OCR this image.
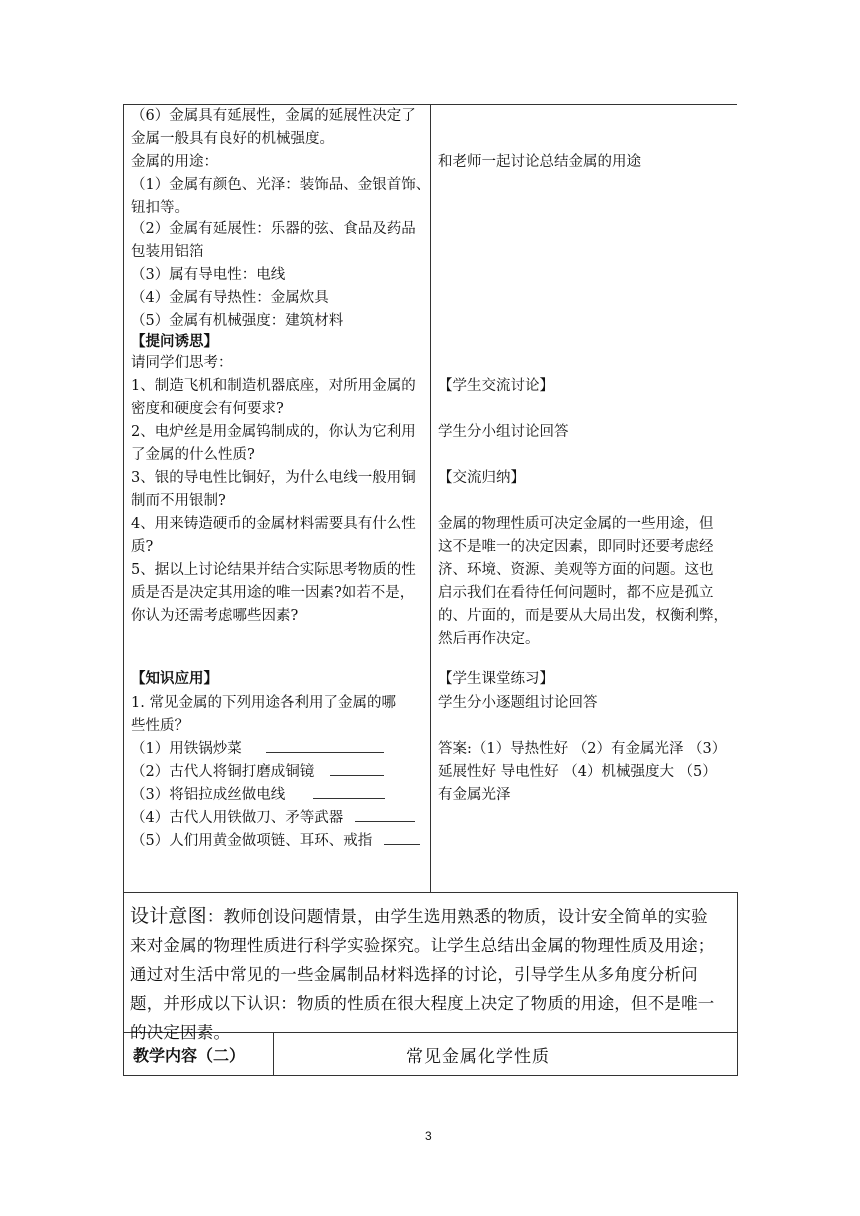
（6）金属具有延展性，金属的延展性决定了
金属一般具有良好的机械强度。
金属的用途：
（1）金属有颜色、光泽：装饰品、金银首饰、
钮扣等。
（2）金属有延展性：乐器的弦、食品及药品
包装用铝箔
（3）属有导电性：电线
（4）金属有导热性：金属炊具
（5）金属有机械强度：建筑材料
【提问诱思】
请同学们思考：
1、制造飞机和制造机器底座，对所用金属的
密度和硬度会有何要求?
2、电炉丝是用金属钨制成的，你认为它利用
了金属的什么性质?
3、银的导电性比铜好，为什么电线一般用铜
制而不用银制?
4、用来铸造硬币的金属材料需要具有什么性
质?
5、据以上讨论结果并结合实际思考物质的性
质是否是决定其用途的唯一因素?如若不是，
你认为还需考虑哪些因素?
【知识应用】
1. 常见金属的下列用途各利用了金属的哪
些性质？
（1）用铁锅炒菜
（2）古代人将铜打磨成铜镜
（3）将铝拉成丝做电线
（4）古代人用铁做刀、矛等武器
（5）人们用黄金做项链、耳环、戒指
和老师一起讨论总结金属的用途
【学生交流讨论】
学生分小组讨论回答
【交流归纳】
金属的物理性质可决定金属的一些用途，但
这不是唯一的决定因素，即同时还要考虑经
济、环境、资源、美观等方面的问题。这也
启示我们在看待任何问题时，都不应是孤立
的、片面的，而是要从大局出发，权衡利弊，
然后再作决定。
【学生课堂练习】
学生分小逐题组讨论回答
答案:（1）导热性好 （2）有金属光泽 （3）
延展性好 导电性好 （4）机械强度大 （5）
有金属光泽
设计意图：教师创设问题情景，由学生选用熟悉的物质，设计安全简单的实验
来对金属的物理性质进行科学实验探究。让学生总结出金属的物理性质及用途；
通过对生活中常见的一些金属制品材料选择的讨论，引导学生从多角度分析问
题，并形成以下认识：物质的性质在很大程度上决定了物质的用途，但不是唯一
的决定因素。
教学内容（二）	常见金属化学性质
3
